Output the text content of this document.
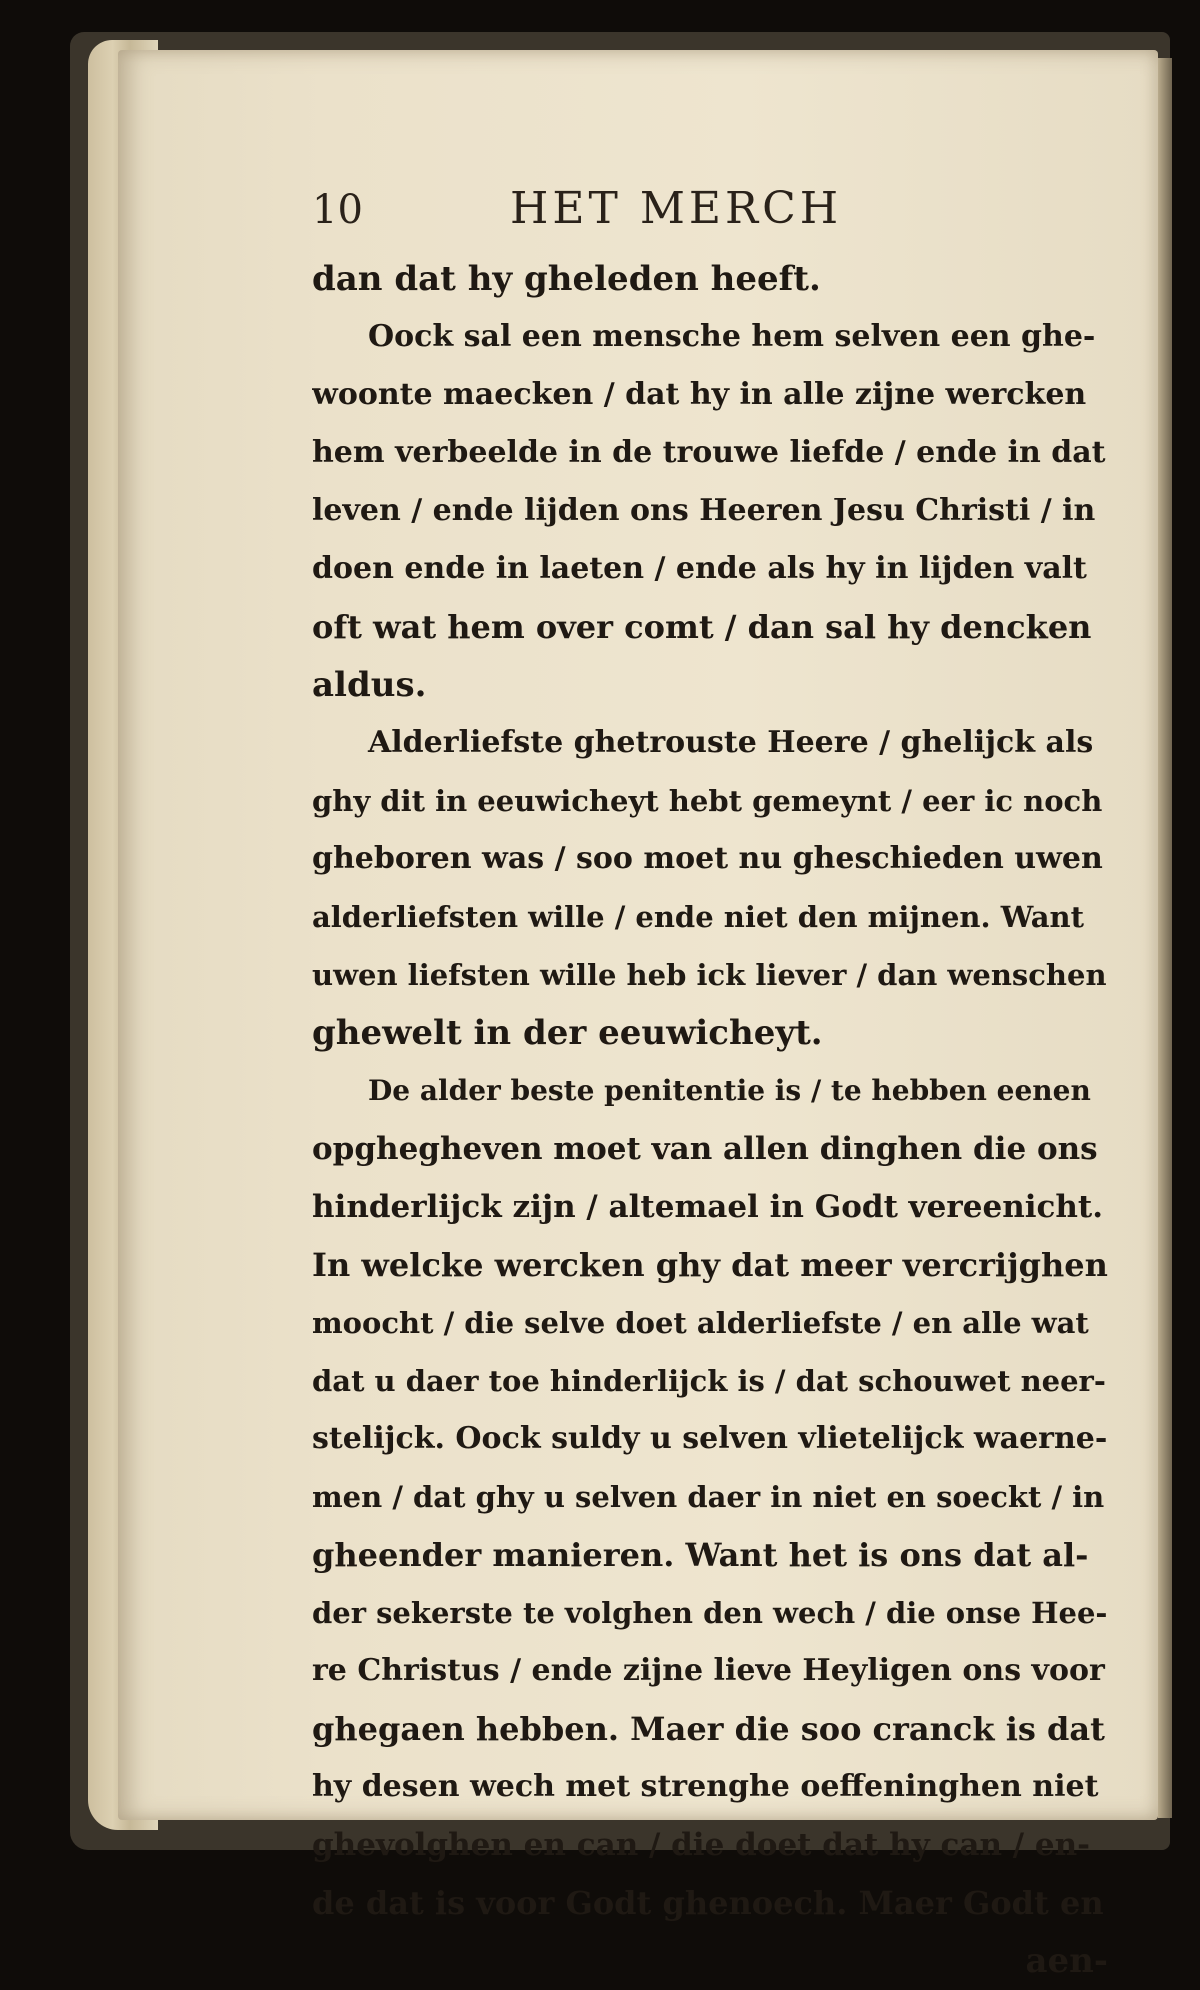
10	HET MERCH
dan dat hy gheleden heeft.
Oock sal een mensche hem selven een ghe-
woonte maecken / dat hy in alle zijne wercken
hem verbeelde in de trouwe liefde / ende in dat
leven / ende lijden ons Heeren Jesu Christi / in
doen ende in laeten / ende als hy in lijden valt
oft wat hem over comt / dan sal hy dencken
aldus.
Alderliefste ghetrouste Heere / ghelijck als
ghy dit in eeuwicheyt hebt gemeynt / eer ic noch
gheboren was / soo moet nu gheschieden uwen
alderliefsten wille / ende niet den mijnen. Want
uwen liefsten wille heb ick liever / dan wenschen
ghewelt in der eeuwicheyt.
De alder beste penitentie is / te hebben eenen
opghegheven moet van allen dinghen die ons
hinderlijck zijn / altemael in Godt vereenicht.
In welcke wercken ghy dat meer vercrijghen
moocht / die selve doet alderliefste / en alle wat
dat u daer toe hinderlijck is / dat schouwet neer-
stelijck. Oock suldy u selven vlietelijck waerne-
men / dat ghy u selven daer in niet en soeckt / in
gheender manieren. Want het is ons dat al-
der sekerste te volghen den wech / die onse Hee-
re Christus / ende zijne lieve Heyligen ons voor
ghegaen hebben. Maer die soo cranck is dat
hy desen wech met strenghe oeffeninghen niet
ghevolghen en can / die doet dat hy can / en-
de dat is voor Godt ghenoech. Maer Godt en
aen-
